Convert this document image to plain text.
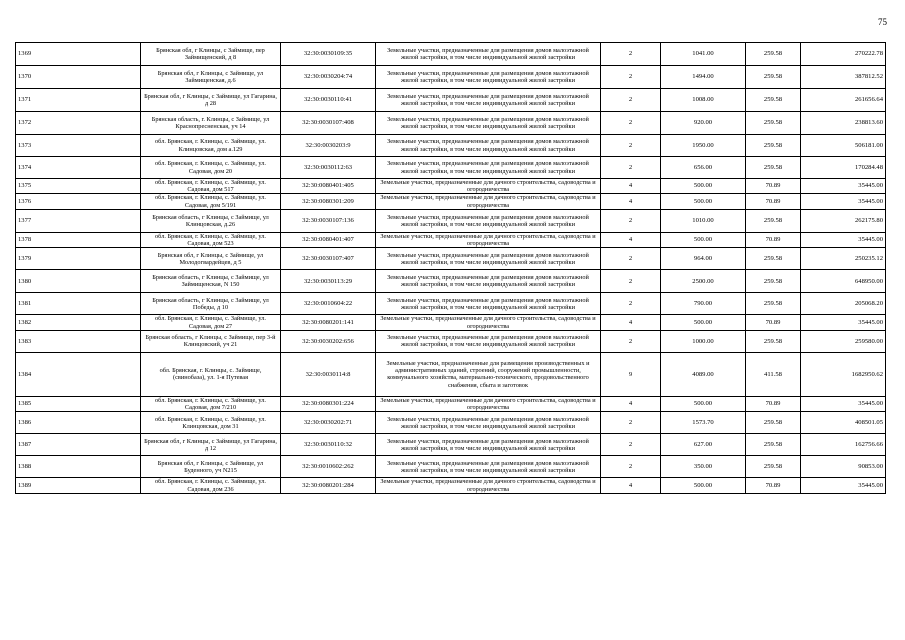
75
1369	Брянская обл, г Клинцы, с Займище, пер Займищенский, д 8	32:30:0030109:35	Земельные участки, предназначенные для размещения домов малоэтажной жилой застройки, в том числе индивидуальной жилой застройки	2	1041.00	259.58	270222.78
1370	Брянская обл, г Клинцы, с Займище, ул Займищенская, д.6	32:30:0030204:74	Земельные участки, предназначенные для размещения домов малоэтажной жилой застройки, в том числе индивидуальной жилой застройки	2	1494.00	259.58	387812.52
1371	Брянская обл, г Клинцы, с Займище, ул Гагарина, д 28	32:30:0030110:41	Земельные участки, предназначенные для размещения домов малоэтажной жилой застройки, в том числе индивидуальной жилой застройки	2	1008.00	259.58	261656.64
1372	Брянская область, г. Клинцы, с Займище, ул Краснопресненская, уч 14	32:30:0030107:408	Земельные участки, предназначенные для размещения домов малоэтажной жилой застройки, в том числе индивидуальной жилой застройки	2	920.00	259.58	238813.60
1373	обл. Брянская, г. Клинцы, с. Займище, ул. Клинцовская, дом а.129	32:30:0030203:9	Земельные участки, предназначенные для размещения домов малоэтажной жилой застройки, в том числе индивидуальной жилой застройки	2	1950.00	259.58	506181.00
1374	обл. Брянская, г. Клинцы, с. Займище, ул. Садовая, дом 20	32:30:0030112:63	Земельные участки, предназначенные для размещения домов малоэтажной жилой застройки, в том числе индивидуальной жилой застройки	2	656.00	259.58	170284.48
1375	обл. Брянская, г. Клинцы, с. Займище, ул. Садовая, дом 517	32:30:0080401:405	Земельные участки, предназначенные для дачного строительства, садоводства и огородничества	4	500.00	70.89	35445.00
1376	обл. Брянская, г. Клинцы, с. Займище, ул. Садовая, дом 5/191	32:30:0080301:209	Земельные участки, предназначенные для дачного строительства, садоводства и огородничества	4	500.00	70.89	35445.00
1377	Брянская область, г Клинцы, с Займище, ул Клинцовская, д.26	32:30:0030107:136	Земельные участки, предназначенные для размещения домов малоэтажной жилой застройки, в том числе индивидуальной жилой застройки	2	1010.00	259.58	262175.80
1378	обл. Брянская, г. Клинцы, с. Займище, ул. Садовая, дом 523	32:30:0080401:407	Земельные участки, предназначенные для дачного строительства, садоводства и огородничества	4	500.00	70.89	35445.00
1379	Брянская обл, г Клинцы, с Займище, ул Молодогвардейцев, д 5	32:30:0030107:407	Земельные участки, предназначенные для размещения домов малоэтажной жилой застройки, в том числе индивидуальной жилой застройки	2	964.00	259.58	250235.12
1380	Брянская область, г Клинцы, с Займище, ул Займищенская, N 150	32:30:0030113:29	Земельные участки, предназначенные для размещения домов малоэтажной жилой застройки, в том числе индивидуальной жилой застройки	2	2500.00	259.58	648950.00
1381	Брянская область, г Клинцы, с Займище, ул Победы, д 10	32:30:0010604:22	Земельные участки, предназначенные для размещения домов малоэтажной жилой застройки, в том числе индивидуальной жилой застройки	2	790.00	259.58	205068.20
1382	обл. Брянская, г. Клинцы, с. Займище, ул. Садовая, дом 27	32:30:0080201:141	Земельные участки, предназначенные для дачного строительства, садоводства и огородничества	4	500.00	70.89	35445.00
1383	Брянская область, г Клинцы, с Займище, пер 3-й Клинцовский, уч 21	32:30:0030202:656	Земельные участки, предназначенные для размещения домов малоэтажной жилой застройки, в том числе индивидуальной жилой застройки	2	1000.00	259.58	259580.00
1384	обл. Брянская, г. Клинцы, с. Займище, (свинобаза), ул. 1-я Путевая	32:30:0030114:8	Земельные участки, предназначенные для размещения производственных и административных зданий, строений, сооружений промышленности, коммунального хозяйства, материально-технического, продовольственного снабжения, сбыта и заготовок	9	4089.00	411.58	1682950.62
1385	обл. Брянская, г. Клинцы, с. Займище, ул. Садовая, дом 7/210	32:30:0080301:224	Земельные участки, предназначенные для дачного строительства, садоводства и огородничества	4	500.00	70.89	35445.00
1386	обл. Брянская, г. Клинцы, с. Займище, ул. Клинцовская, дом 31	32:30:0030202:71	Земельные участки, предназначенные для размещения домов малоэтажной жилой застройки, в том числе индивидуальной жилой застройки	2	1573.70	259.58	408501.05
1387	Брянская обл, г Клинцы, с Займище, ул Гагарина, д 12	32:30:0030110:32	Земельные участки, предназначенные для размещения домов малоэтажной жилой застройки, в том числе индивидуальной жилой застройки	2	627.00	259.58	162756.66
1388	Брянская обл, г Клинцы, с Займище, ул Буденного, уч N215	32:30:0010602:262	Земельные участки, предназначенные для размещения домов малоэтажной жилой застройки, в том числе индивидуальной жилой застройки	2	350.00	259.58	90853.00
1389	обл. Брянская, г. Клинцы, с. Займище, ул. Садовая, дом 236	32:30:0080201:284	Земельные участки, предназначенные для дачного строительства, садоводства и огородничества	4	500.00	70.89	35445.00
